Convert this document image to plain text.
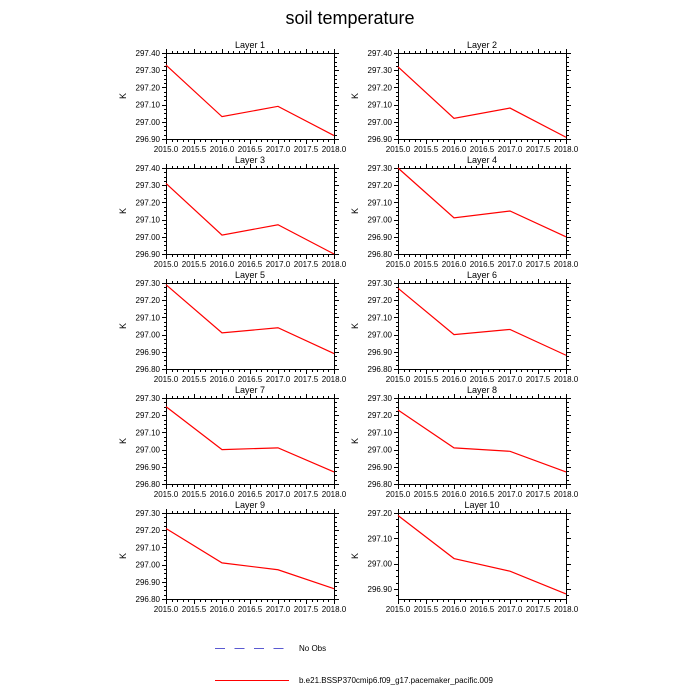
soil temperature
2015.0 2015.5 2016.0 2016.5 2017.0 2017.5 2018.0
296.90
297.00
297.10
297.20
297.30
297.40
Layer 1
K
2015.0 2015.5 2016.0 2016.5 2017.0 2017.5 2018.0
296.90
297.00
297.10
297.20
297.30
297.40
Layer 2
K
2015.0 2015.5 2016.0 2016.5 2017.0 2017.5 2018.0
296.90
297.00
297.10
297.20
297.30
297.40
Layer 3
K
2015.0 2015.5 2016.0 2016.5 2017.0 2017.5 2018.0
296.80
296.90
297.00
297.10
297.20
297.30
Layer 4
K
2015.0 2015.5 2016.0 2016.5 2017.0 2017.5 2018.0
296.80
296.90
297.00
297.10
297.20
297.30
Layer 5
K
2015.0 2015.5 2016.0 2016.5 2017.0 2017.5 2018.0
296.80
296.90
297.00
297.10
297.20
297.30
Layer 6
K
2015.0 2015.5 2016.0 2016.5 2017.0 2017.5 2018.0
296.80
296.90
297.00
297.10
297.20
297.30
Layer 7
K
2015.0 2015.5 2016.0 2016.5 2017.0 2017.5 2018.0
296.80
296.90
297.00
297.10
297.20
297.30
Layer 8
K
2015.0 2015.5 2016.0 2016.5 2017.0 2017.5 2018.0
296.80
296.90
297.00
297.10
297.20
297.30
Layer 9
K
2015.0 2015.5 2016.0 2016.5 2017.0 2017.5 2018.0
296.90
297.00
297.10
297.20
Layer 10
K
No Obs
b.e21.BSSP370cmip6.f09_g17.pacemaker_pacific.009
